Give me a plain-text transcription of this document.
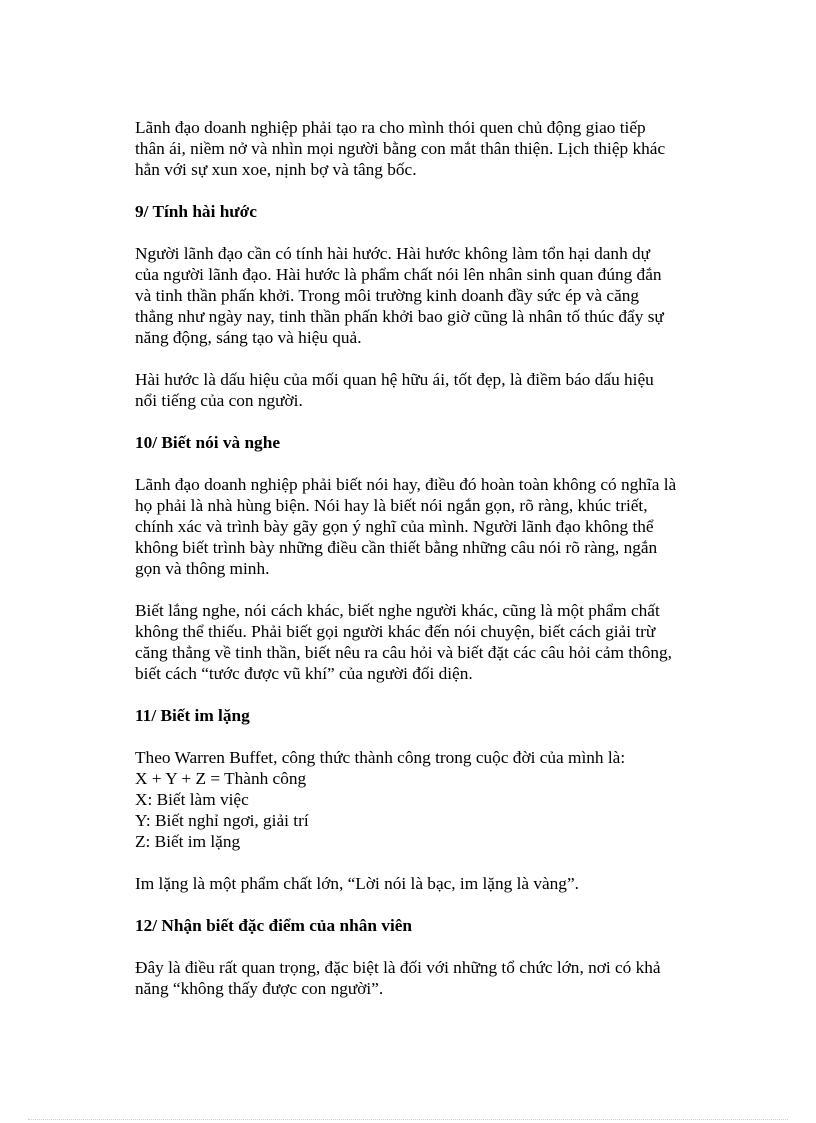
Lãnh đạo doanh nghiệp phải tạo ra cho mình thói quen chủ động giao tiếp
thân ái, niềm nở và nhìn mọi người bằng con mắt thân thiện. Lịch thiệp khác
hẳn với sự xun xoe, nịnh bợ và tâng bốc.

9/ Tính hài hước

Người lãnh đạo cần có tính hài hước. Hài hước không làm tổn hại danh dự
của người lãnh đạo. Hài hước là phẩm chất nói lên nhân sinh quan đúng đắn
và tinh thần phấn khởi. Trong môi trường kinh doanh đầy sức ép và căng
thẳng như ngày nay, tinh thần phấn khởi bao giờ cũng là nhân tố thúc đẩy sự
năng động, sáng tạo và hiệu quả.

Hài hước là dấu hiệu của mối quan hệ hữu ái, tốt đẹp, là điềm báo dấu hiệu
nổi tiếng của con người.

10/ Biết nói và nghe

Lãnh đạo doanh nghiệp phải biết nói hay, điều đó hoàn toàn không có nghĩa là
họ phải là nhà hùng biện. Nói hay là biết nói ngắn gọn, rõ ràng, khúc triết,
chính xác và trình bày gãy gọn ý nghĩ của mình. Người lãnh đạo không thể
không biết trình bày những điều cần thiết bằng những câu nói rõ ràng, ngắn
gọn và thông minh.

Biết lắng nghe, nói cách khác, biết nghe người khác, cũng là một phẩm chất
không thể thiếu. Phải biết gọi người khác đến nói chuyện, biết cách giải trừ
căng thẳng về tinh thần, biết nêu ra câu hỏi và biết đặt các câu hỏi cảm thông,
biết cách “tước được vũ khí” của người đối diện.

11/ Biết im lặng

Theo Warren Buffet, công thức thành công trong cuộc đời của mình là:
X + Y + Z = Thành công
X: Biết làm việc
Y: Biết nghỉ ngơi, giải trí
Z: Biết im lặng

Im lặng là một phẩm chất lớn, “Lời nói là bạc, im lặng là vàng”.

12/ Nhận biết đặc điểm của nhân viên

Đây là điều rất quan trọng, đặc biệt là đối với những tổ chức lớn, nơi có khả
năng “không thấy được con người”.
